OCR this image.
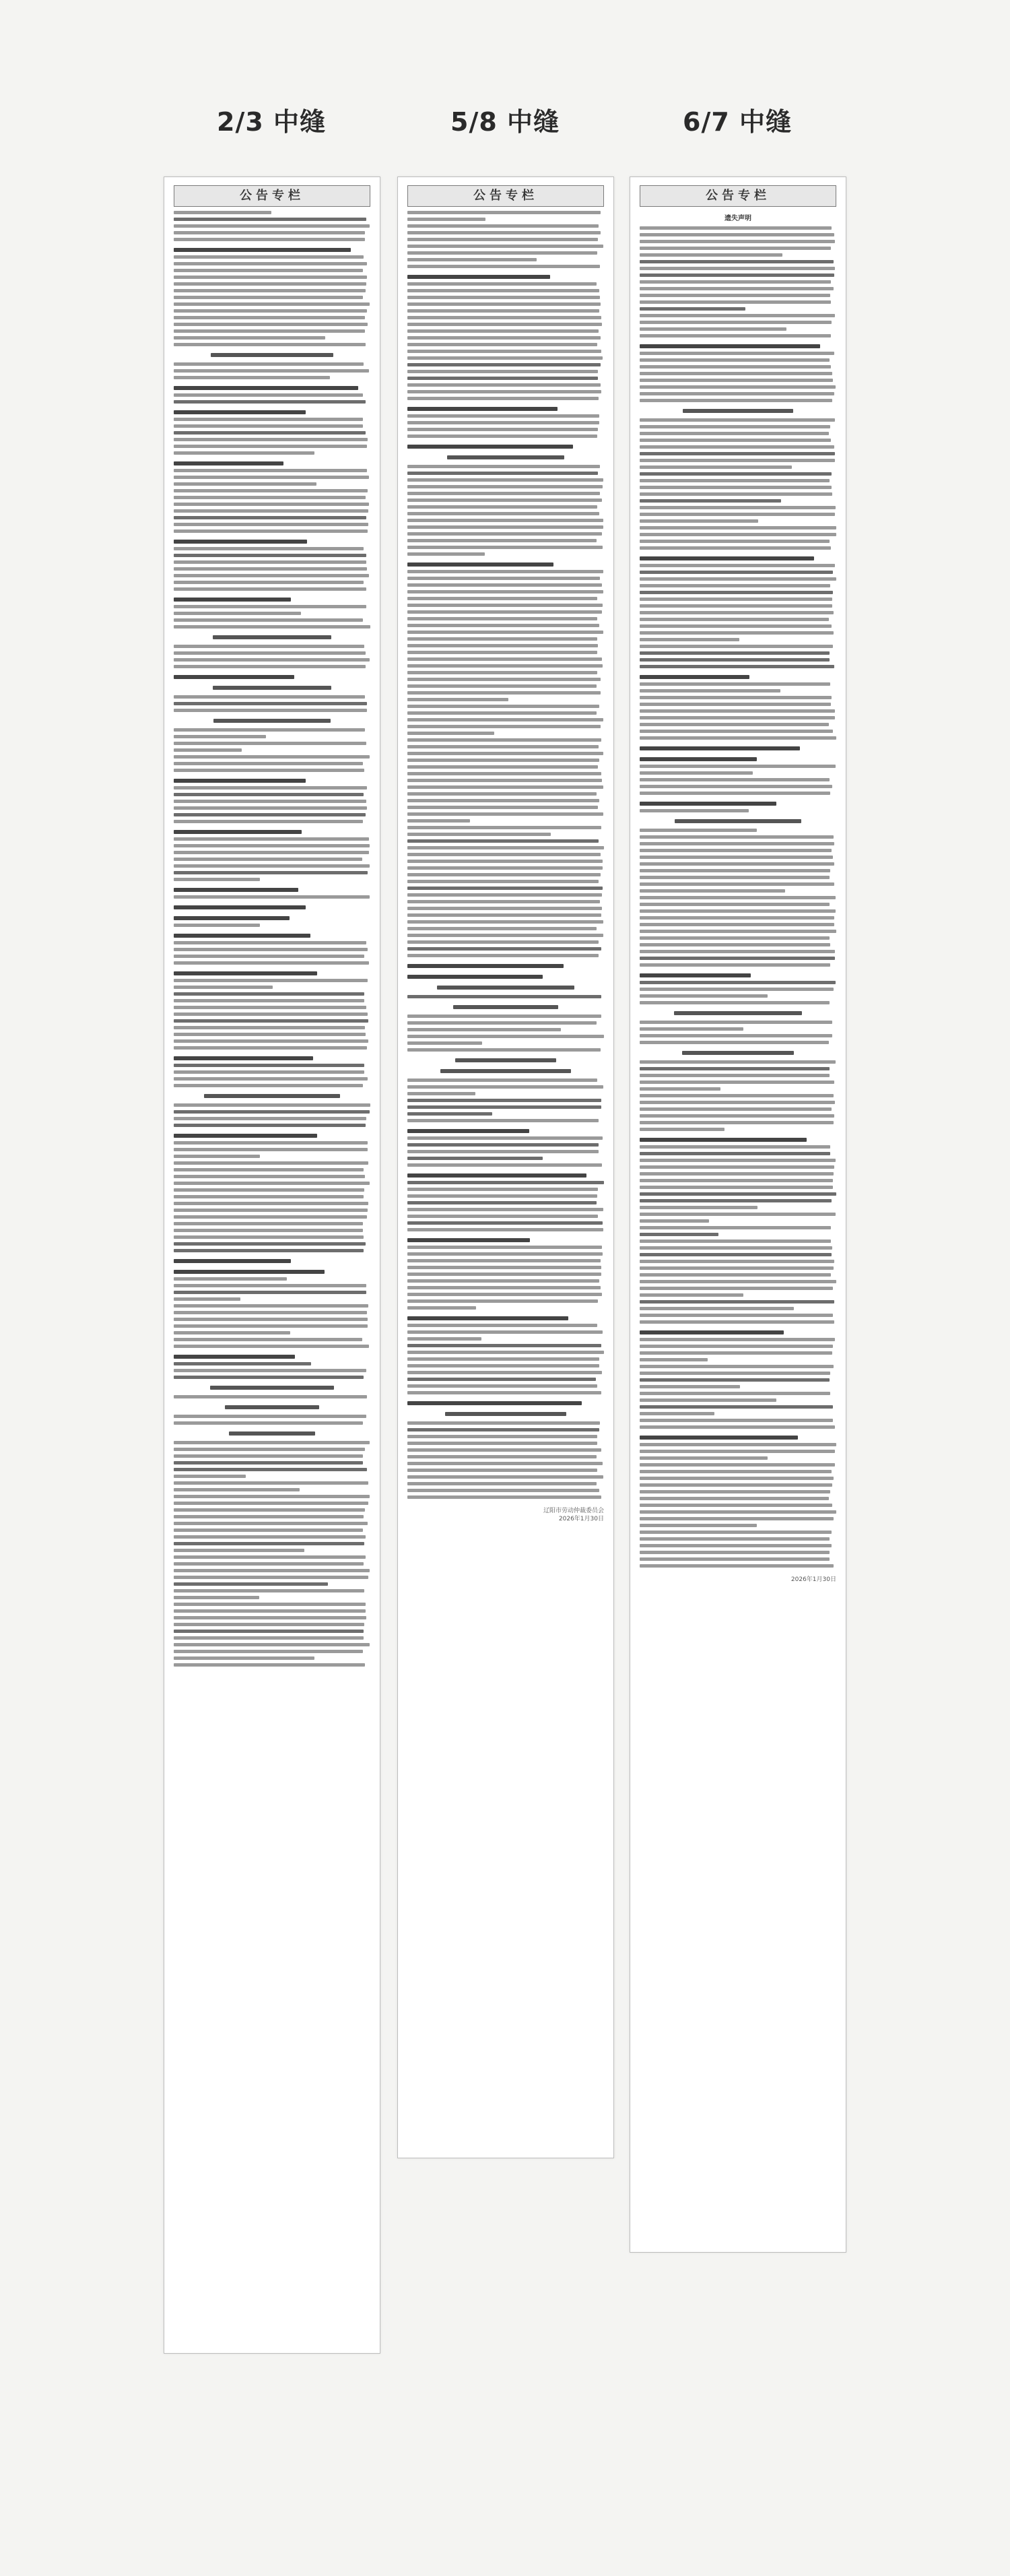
2/3 中缝	5/8 中缝	6/7 中缝
公告专栏	公告专栏
辽阳市劳动仲裁委员会
2026年1月30日
公告专栏
遗失声明
2026年1月30日
